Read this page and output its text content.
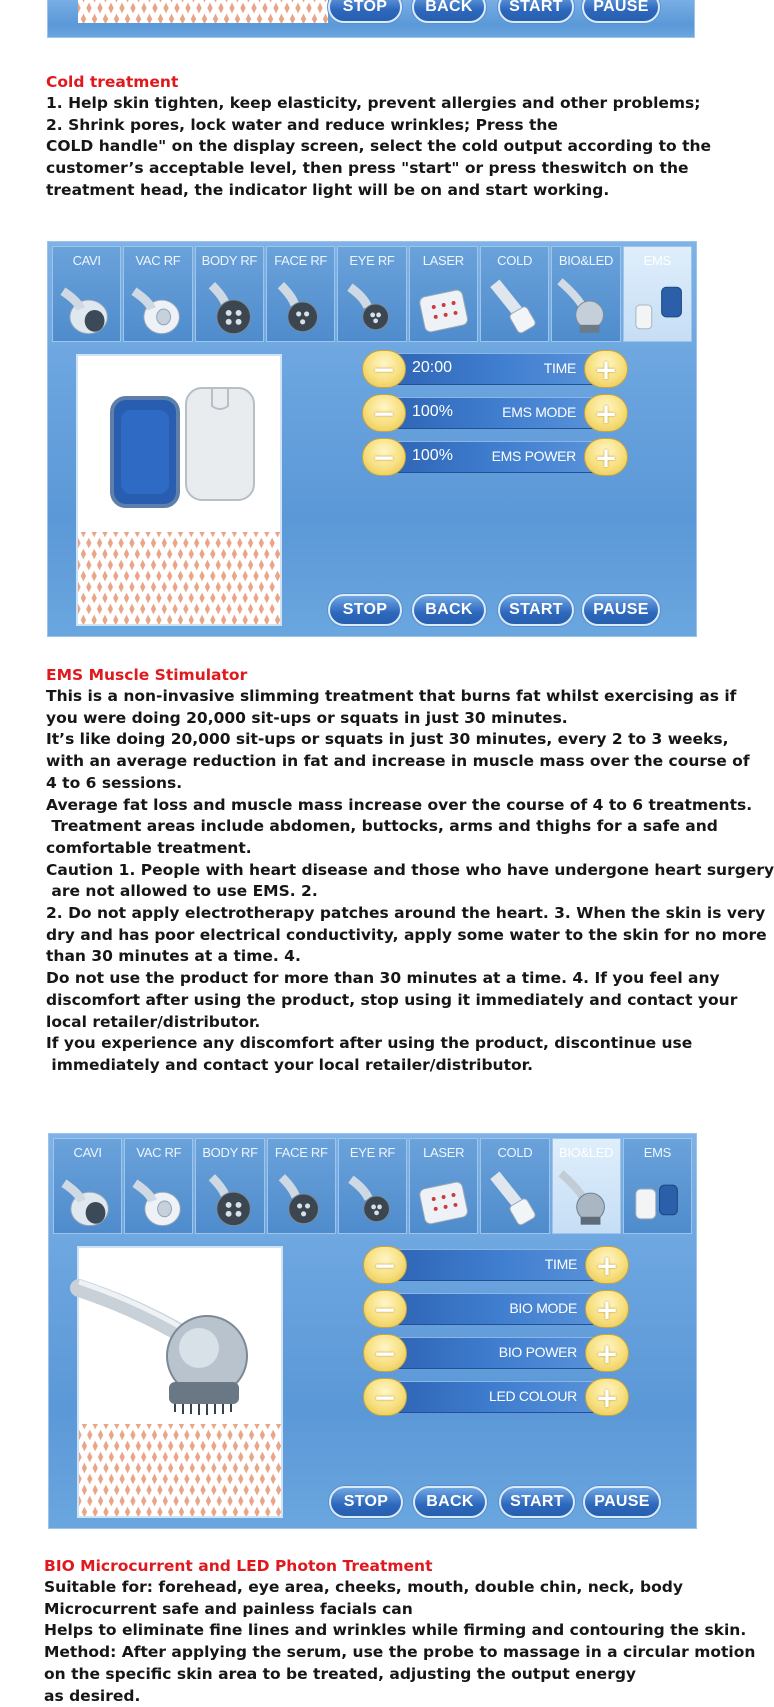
STOP	BACK	START	PAUSE
Cold treatment

1. Help skin tighten, keep elasticity, prevent allergies and other problems;

2. Shrink pores, lock water and reduce wrinkles; Press the

COLD handle" on the display screen, select the cold output according to the

customer’s acceptable level, then press "start" or press theswitch on the

treatment head, the indicator light will be on and start working.

CAVI	VAC RF	BODY RF	FACE RF	EYE RF	LASER	COLD	BIO&LED	EMS
−	20:00	TIME +
−	100%	EMS MODE +
−	100%	EMS POWER +
STOP	BACK	START	PAUSE
EMS Muscle Stimulator

This is a non-invasive slimming treatment that burns fat whilst exercising as if

you were doing 20,000 sit-ups or squats in just 30 minutes.

It’s like doing 20,000 sit-ups or squats in just 30 minutes, every 2 to 3 weeks,

with an average reduction in fat and increase in muscle mass over the course of

4 to 6 sessions.

Average fat loss and muscle mass increase over the course of 4 to 6 treatments.

Treatment areas include abdomen, buttocks, arms and thighs for a safe and

comfortable treatment.

Caution 1. People with heart disease and those who have undergone heart surgery

are not allowed to use EMS. 2.

2. Do not apply electrotherapy patches around the heart. 3. When the skin is very

dry and has poor electrical conductivity, apply some water to the skin for no more

than 30 minutes at a time. 4.

Do not use the product for more than 30 minutes at a time. 4. If you feel any

discomfort after using the product, stop using it immediately and contact your

local retailer/distributor.

If you experience any discomfort after using the product, discontinue use

immediately and contact your local retailer/distributor.

CAVI	VAC RF	BODY RF	FACE RF	EYE RF	LASER	COLD	BIO&LED	EMS
−	TIME +
−	BIO MODE +
−	BIO POWER +
−	LED COLOUR +
STOP	BACK	START	PAUSE
BIO Microcurrent and LED Photon Treatment

Suitable for: forehead, eye area, cheeks, mouth, double chin, neck, body

Microcurrent safe and painless facials can

Helps to eliminate fine lines and wrinkles while firming and contouring the skin.

Method: After applying the serum, use the probe to massage in a circular motion

on the specific skin area to be treated, adjusting the output energy

as desired.
